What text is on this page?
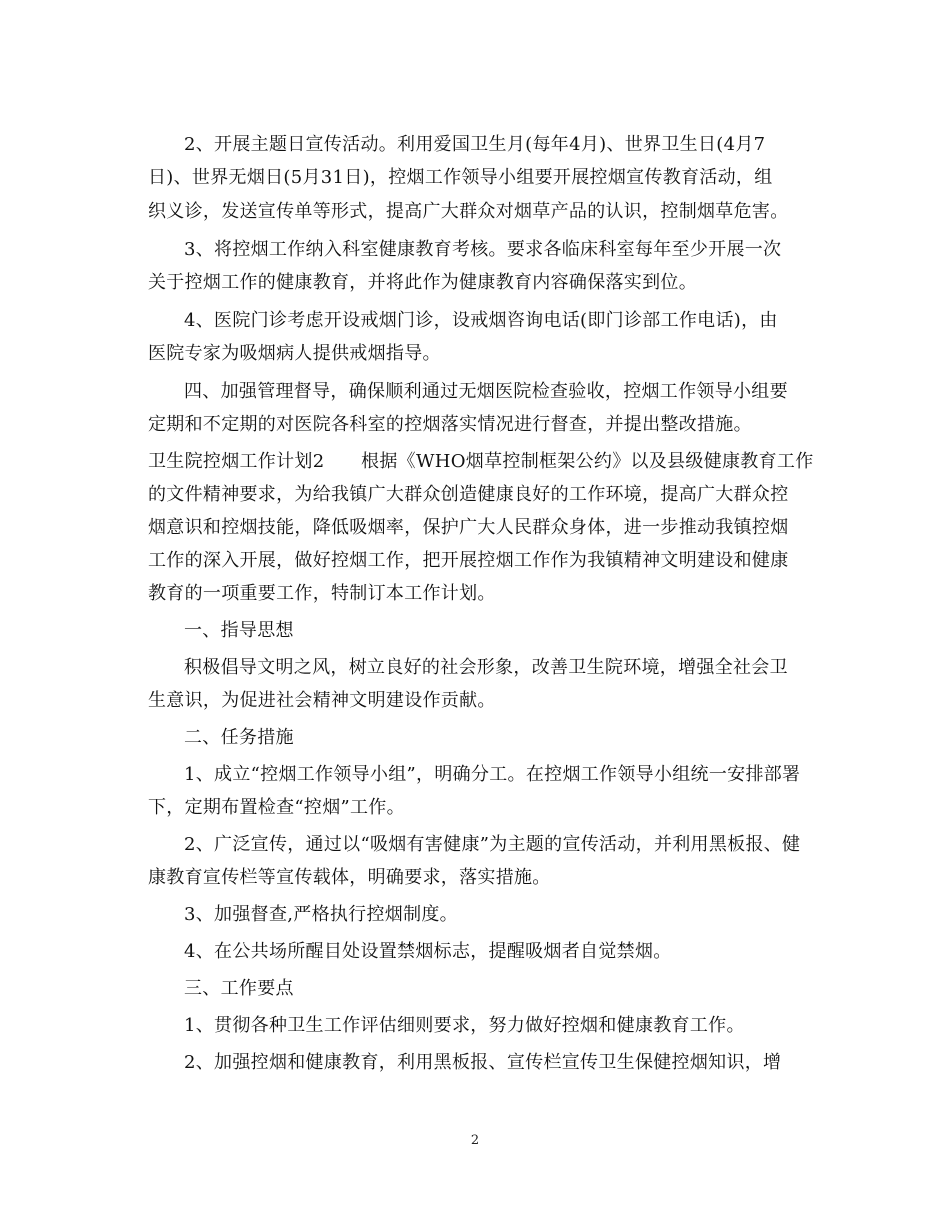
2、开展主题日宣传活动。利用爱国卫生月(每年4月)、世界卫生日(4月7
日)、世界无烟日(5月31日)，控烟工作领导小组要开展控烟宣传教育活动，组
织义诊，发送宣传单等形式，提高广大群众对烟草产品的认识，控制烟草危害。
3、将控烟工作纳入科室健康教育考核。要求各临床科室每年至少开展一次
关于控烟工作的健康教育，并将此作为健康教育内容确保落实到位。
4、医院门诊考虑开设戒烟门诊，设戒烟咨询电话(即门诊部工作电话)，由
医院专家为吸烟病人提供戒烟指导。
四、加强管理督导，确保顺利通过无烟医院检查验收，控烟工作领导小组要
定期和不定期的对医院各科室的控烟落实情况进行督查，并提出整改措施。
卫生院控烟工作计划2　　根据《WHO烟草控制框架公约》以及县级健康教育工作
的文件精神要求，为给我镇广大群众创造健康良好的工作环境，提高广大群众控
烟意识和控烟技能，降低吸烟率，保护广大人民群众身体，进一步推动我镇控烟
工作的深入开展，做好控烟工作，把开展控烟工作作为我镇精神文明建设和健康
教育的一项重要工作，特制订本工作计划。
一、指导思想
积极倡导文明之风，树立良好的社会形象，改善卫生院环境，增强全社会卫
生意识，为促进社会精神文明建设作贡献。
二、任务措施
1、成立“控烟工作领导小组”，明确分工。在控烟工作领导小组统一安排部署
下，定期布置检查“控烟”工作。
2、广泛宣传，通过以“吸烟有害健康”为主题的宣传活动，并利用黑板报、健
康教育宣传栏等宣传载体，明确要求，落实措施。
3、加强督查,严格执行控烟制度。
4、在公共场所醒目处设置禁烟标志，提醒吸烟者自觉禁烟。
三、工作要点
1、贯彻各种卫生工作评估细则要求，努力做好控烟和健康教育工作。
2、加强控烟和健康教育，利用黑板报、宣传栏宣传卫生保健控烟知识，增
2
